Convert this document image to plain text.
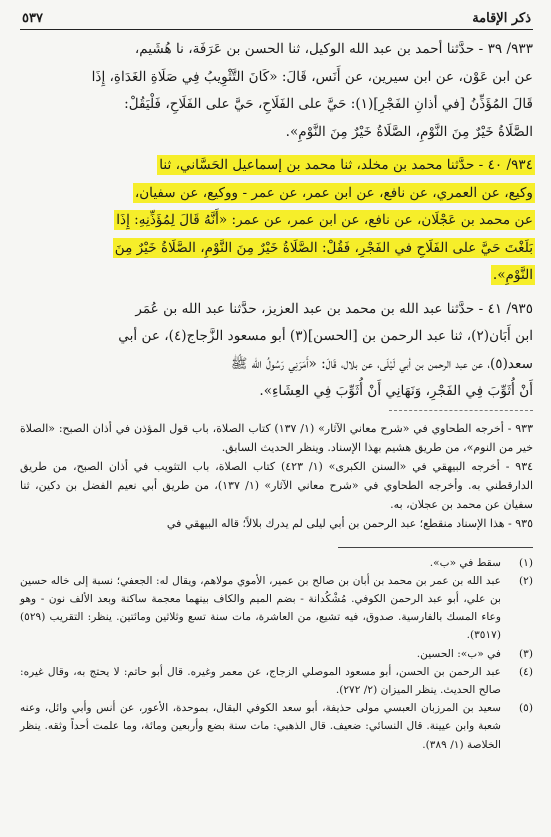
ذكر الإقامة
٥٣٧

٩٣٣/ ٣٩ - حدَّثنا أحمد بن عبد الله الوكيل، ثنا الحسن بن عَرَفَة، نا هُشَيم،

عن ابن عَوْن، عن ابن سيرين، عن أَنَس، قَالَ: «كَانَ التَّثْوِيبُ فِي صَلَاةِ الغَدَاةِ، إِذَا

قَالَ المُؤَذِّنُ [في أذانِ الفَجْرِ](١): حَيَّ على الفَلَاحِ، حَيَّ على الفَلَاحِ، فَلْيَقُلْ:

الصَّلَاةُ خَيْرٌ مِنَ النَّوْمِ، الصَّلَاةُ خَيْرٌ مِنَ النَّوْمِ».

٩٣٤/ ٤٠ - حدَّثنا محمد بن مخلد، ثنا محمد بن إسماعيل الحَسَّاني، ثنا

وكيع، عن العمري، عن نافع، عن ابن عمر، عن عمر - ووكيع، عن سفيان،

عن محمد بن عَجْلَان، عن نافع، عن ابن عمر، عن عمر: «أَنَّهُ قَالَ لِمُؤَذِّنِهِ: إِذَا

بَلَغْتَ حَيَّ على الفَلَاحِ في الفَجْرِ، فَقُلْ: الصَّلَاةُ خَيْرٌ مِنَ النَّوْمِ، الصَّلَاةُ خَيْرٌ مِنَ

النَّوْمِ».

٩٣٥/ ٤١ - حدَّثنا عبد الله بن محمد بن عبد العزيز، حدَّثنا عبد الله بن عُمَر

ابن أَبَان(٢)، ثنا عبد الرحمن بن [الحسن](٣) أبو مسعود الزَّجاج(٤)، عن أبي

سعد(٥)، عن عبد الرحمن بن أبي لَيْلَى، عن بلال، قَالَ: «أَمَرَنِي رَسُولُ الله ﷺ

أَنْ أُثَوِّبَ فِي الفَجْرِ، وَنَهَانِي أَنْ أُثَوِّبَ فِي العِشَاءِ».

٩٣٣ - أخرجه الطحاوي في «شرح معاني الآثار» (١/ ١٣٧) كتاب الصلاة، باب قول المؤذن في أذان الصبح: «الصلاة خير من النوم»، من طريق هشيم بهذا الإسناد. وينظر الحديث السابق.

٩٣٤ - أخرجه البيهقي في «السنن الكبرى» (١/ ٤٢٣) كتاب الصلاة، باب التثويب في أذان الصبح، من طريق الدارقطني به. وأخرجه الطحاوي في «شرح معاني الآثار» (١/ ١٣٧)، من طريق أبي نعيم الفضل بن دكين، ثنا سفيان عن محمد بن عجلان، به.

٩٣٥ - هذا الإسناد منقطع؛ عبد الرحمن بن أبي ليلى لم يدرك بلالاً؛ قاله البيهقي في

(١)
سقط في «ب».
(٢)
عبد الله بن عمر بن محمد بن أبان بن صالح بن عمير، الأموي مولاهم، ويقال له: الجعفي؛ نسبة إلى خاله حسين بن علي، أبو عبد الرحمن الكوفي. مُشْكُدانة - بضم الميم والكاف بينهما معجمة ساكنة وبعد الألف نون - وهو وعاء المسك بالفارسية. صدوق، فيه تشيع، من العاشرة، مات سنة تسع وثلاثين ومائتين. ينظر: التقريب (٥٢٩) (٣٥١٧).
(٣)
في «ب»: الحسين.
(٤)
عبد الرحمن بن الحسن، أبو مسعود الموصلي الزجاج، عن معمر وغيره. قال أبو حاتم: لا يحتج به، وقال غيره: صالح الحديث. ينظر الميزان (٢/ ٢٧٢).
(٥)
سعيد بن المرزبان العبسي مولى حذيفة، أبو سعد الكوفي البقال، بموحدة، الأعور، عن أنس وأبي وائل، وعنه شعبة وابن عيينة. قال النسائي: ضعيف. قال الذهبي: مات سنة بضع وأربعين ومائة، وما علمت أحداً وثقه. ينظر الخلاصة (١/ ٣٨٩).
